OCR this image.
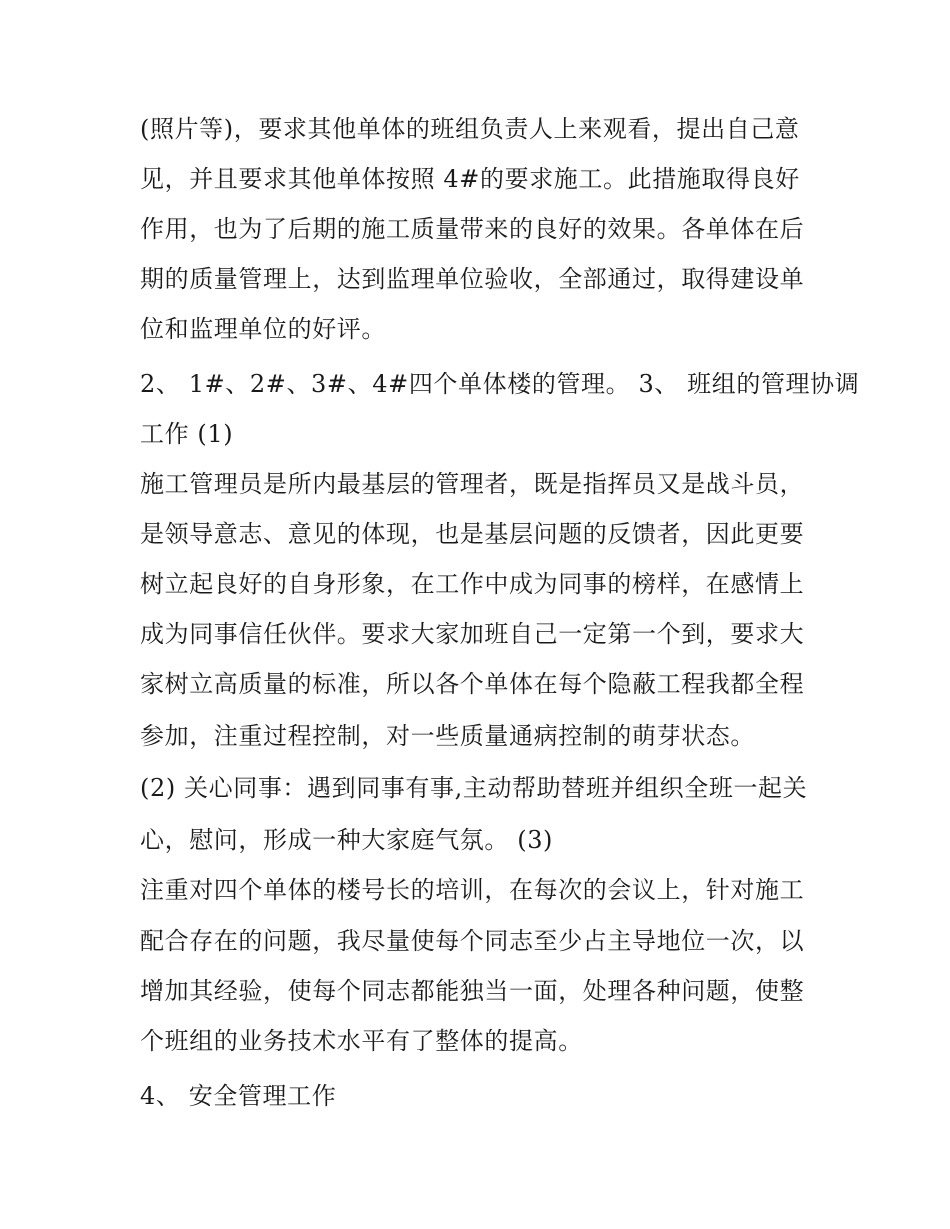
(照片等)，要求其他单体的班组负责人上来观看，提出自己意
见，并且要求其他单体按照 4#的要求施工。此措施取得良好
作用，也为了后期的施工质量带来的良好的效果。各单体在后
期的质量管理上，达到监理单位验收，全部通过，取得建设单
位和监理单位的好评。
2、 1#、2#、3#、4#四个单体楼的管理。 3、 班组的管理协调
工作 (1)
施工管理员是所内最基层的管理者，既是指挥员又是战斗员，
是领导意志、意见的体现，也是基层问题的反馈者，因此更要
树立起良好的自身形象，在工作中成为同事的榜样，在感情上
成为同事信任伙伴。要求大家加班自己一定第一个到，要求大
家树立高质量的标准，所以各个单体在每个隐蔽工程我都全程
参加，注重过程控制，对一些质量通病控制的萌芽状态。
(2) 关心同事：遇到同事有事,主动帮助替班并组织全班一起关
心，慰问，形成一种大家庭气氛。 (3)
注重对四个单体的楼号长的培训，在每次的会议上，针对施工
配合存在的问题，我尽量使每个同志至少占主导地位一次，以
增加其经验，使每个同志都能独当一面，处理各种问题，使整
个班组的业务技术水平有了整体的提高。
4、 安全管理工作
